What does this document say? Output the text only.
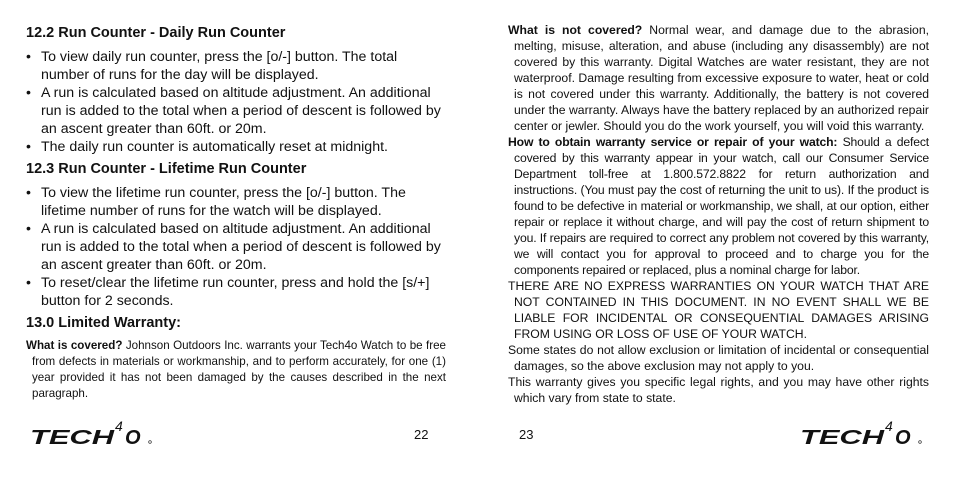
12.2 Run Counter - Daily Run Counter
• To view daily run counter, press the [o/-] button. The total number of runs for the day will be displayed.
• A run is calculated based on altitude adjustment. An additional run is added to the total when a period of descent is followed by an ascent greater than 60ft. or 20m.
• The daily run counter is automatically reset at midnight.
12.3 Run Counter - Lifetime Run Counter
• To view the lifetime run counter, press the [o/-] button. The lifetime number of runs for the watch will be displayed.
• A run is calculated based on altitude adjustment. An additional run is added to the total when a period of descent is followed by an ascent greater than 60ft. or 20m.
• To reset/clear the lifetime run counter, press and hold the [s/+] button for 2 seconds.
13.0 Limited Warranty:

What is covered? Johnson Outdoors Inc. warrants your Tech4o Watch to be free from defects in materials or workmanship, and to perform accurately, for one (1) year provided it has not been damaged by the causes described in the next paragraph.

TECH
4
O	22

What is not covered? Normal wear, and damage due to the abrasion, melting, misuse, alteration, and abuse (including any disassembly) are not covered by this warranty. Digital Watches are water resistant, they are not waterproof. Damage resulting from excessive exposure to water, heat or cold is not covered under this warranty. Additionally, the battery is not covered under the warranty. Always have the battery replaced by an authorized repair center or jewler. Should you do the work yourself, you will void this warranty.

How to obtain warranty service or repair of your watch: Should a defect covered by this warranty appear in your watch, call our Consumer Service Department toll-free at 1.800.572.8822 for return authorization and instructions. (You must pay the cost of returning the unit to us). If the product is found to be defective in material or workmanship, we shall, at our option, either repair or replace it without charge, and will pay the cost of return shipment to you. If repairs are required to correct any problem not covered by this warranty, we will contact you for approval to proceed and to charge you for the components repaired or replaced, plus a nominal charge for labor.

THERE ARE NO EXPRESS WARRANTIES ON YOUR WATCH THAT ARE NOT CONTAINED IN THIS DOCUMENT. IN NO EVENT SHALL WE BE LIABLE FOR INCIDENTAL OR CONSEQUENTIAL DAMAGES ARISING FROM USING OR LOSS OF USE OF YOUR WATCH.

Some states do not allow exclusion or limitation of incidental or consequential damages, so the above exclusion may not apply to you.

This warranty gives you specific legal rights, and you may have other rights which vary from state to state.

23	TECH
4
O
